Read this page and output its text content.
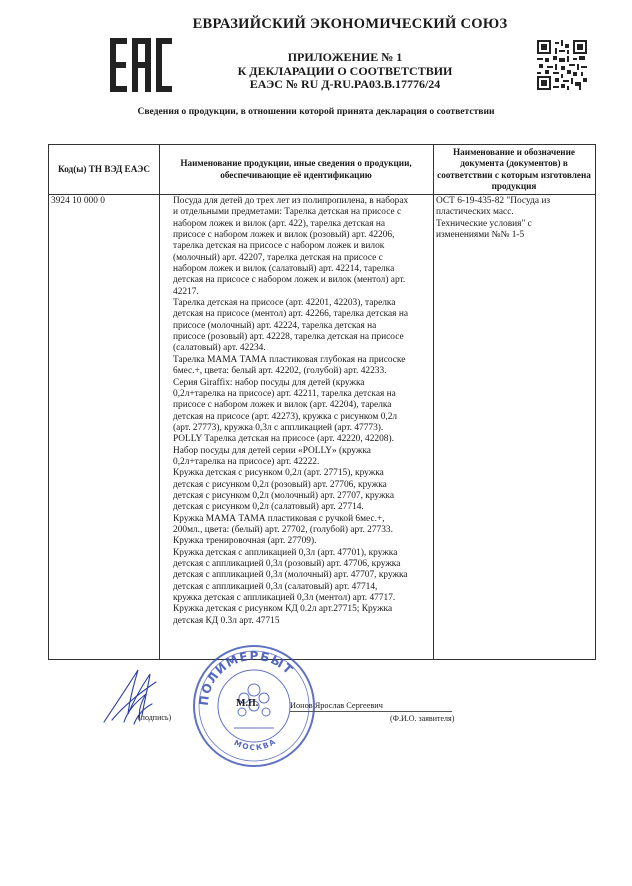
ЕВРАЗИЙСКИЙ ЭКОНОМИЧЕСКИЙ СОЮЗ
ПРИЛОЖЕНИЕ № 1
К ДЕКЛАРАЦИИ О СООТВЕТСТВИИ
ЕАЭС № RU Д-RU.PA03.B.17776/24
Сведения о продукции, в отношении которой принята декларация о соответствии
Код(ы) ТН ВЭД ЕАЭС
Наименование продукции, иные сведения о продукции, обеспечивающие её идентификацию
Наименование и обозначение документа (документов) в соответствии с которым изготовлена продукция
3924 10 000 0	Посуда для детей до трех лет из полипропилена, в наборах
и отдельными предметами: Тарелка детская на присосе с
набором ложек и вилок (арт. 422), тарелка детская на
присосе с набором ложек и вилок (розовый) арт. 42206,
тарелка детская на присосе с набором ложек и вилок
(молочный) арт. 42207, тарелка детская на присосе с
набором ложек и вилок (салатовый) арт. 42214, тарелка
детская на присосе с набором ложек и вилок (ментол) арт.
42217.
Тарелка детская на присосе (арт. 42201, 42203), тарелка
детская на присосе (ментол) арт. 42266, тарелка детская на
присосе (молочный) арт. 42224, тарелка детская на
присосе (розовый) арт. 42228, тарелка детская на присосе
(салатовый) арт. 42234.
Тарелка МАМА ТАМА пластиковая глубокая на присоске
6мес.+, цвета: белый арт. 42202, (голубой) арт. 42233.
Серия Giraffix: набор посуды для детей (кружка
0,2л+тарелка на присосе) арт. 42211, тарелка детская на
присосе с набором ложек и вилок (арт. 42204), тарелка
детская на присосе (арт. 42273), кружка с рисунком 0,2л
(арт. 27773), кружка 0,3л с аппликацией (арт. 47773).
POLLY Тарелка детская на присосе (арт. 42220, 42208).
Набор посуды для детей серии «POLLY» (кружка
0,2л+тарелка на присосе) арт. 42222.
Кружка детская с рисунком 0,2л (арт. 27715), кружка
детская с рисунком 0,2л (розовый) арт. 27706, кружка
детская с рисунком 0,2л (молочный) арт. 27707, кружка
детская с рисунком 0,2л (салатовый) арт. 27714.
Кружка МАМА ТАМА пластиковая с ручкой 6мес.+,
200мл., цвета: (белый) арт. 27702, (голубой) арт. 27733.
Кружка тренировочная (арт. 27709).
Кружка детская с аппликацией 0,3л (арт. 47701), кружка
детская с аппликацией 0,3л (розовый) арт. 47706, кружка
детская с аппликацией 0,3л (молочный) арт. 47707, кружка
детская с аппликацией 0,3л (салатовый) арт. 47714,
кружка детская с аппликацией 0,3л (ментол) арт. 47717.
Кружка детская с рисунком КД 0.2л арт.27715; Кружка
детская КД 0.3л арт. 47715
ОСТ 6-19-435-82 "Посуда из
пластических масс.
Технические условия" с
изменениями №№ 1-5
(подпись)
ПОЛИМЕРБЫТ
МОСКВА
М.П.	Ионов Ярослав Сергеевич
(Ф.И.О. заявителя)
